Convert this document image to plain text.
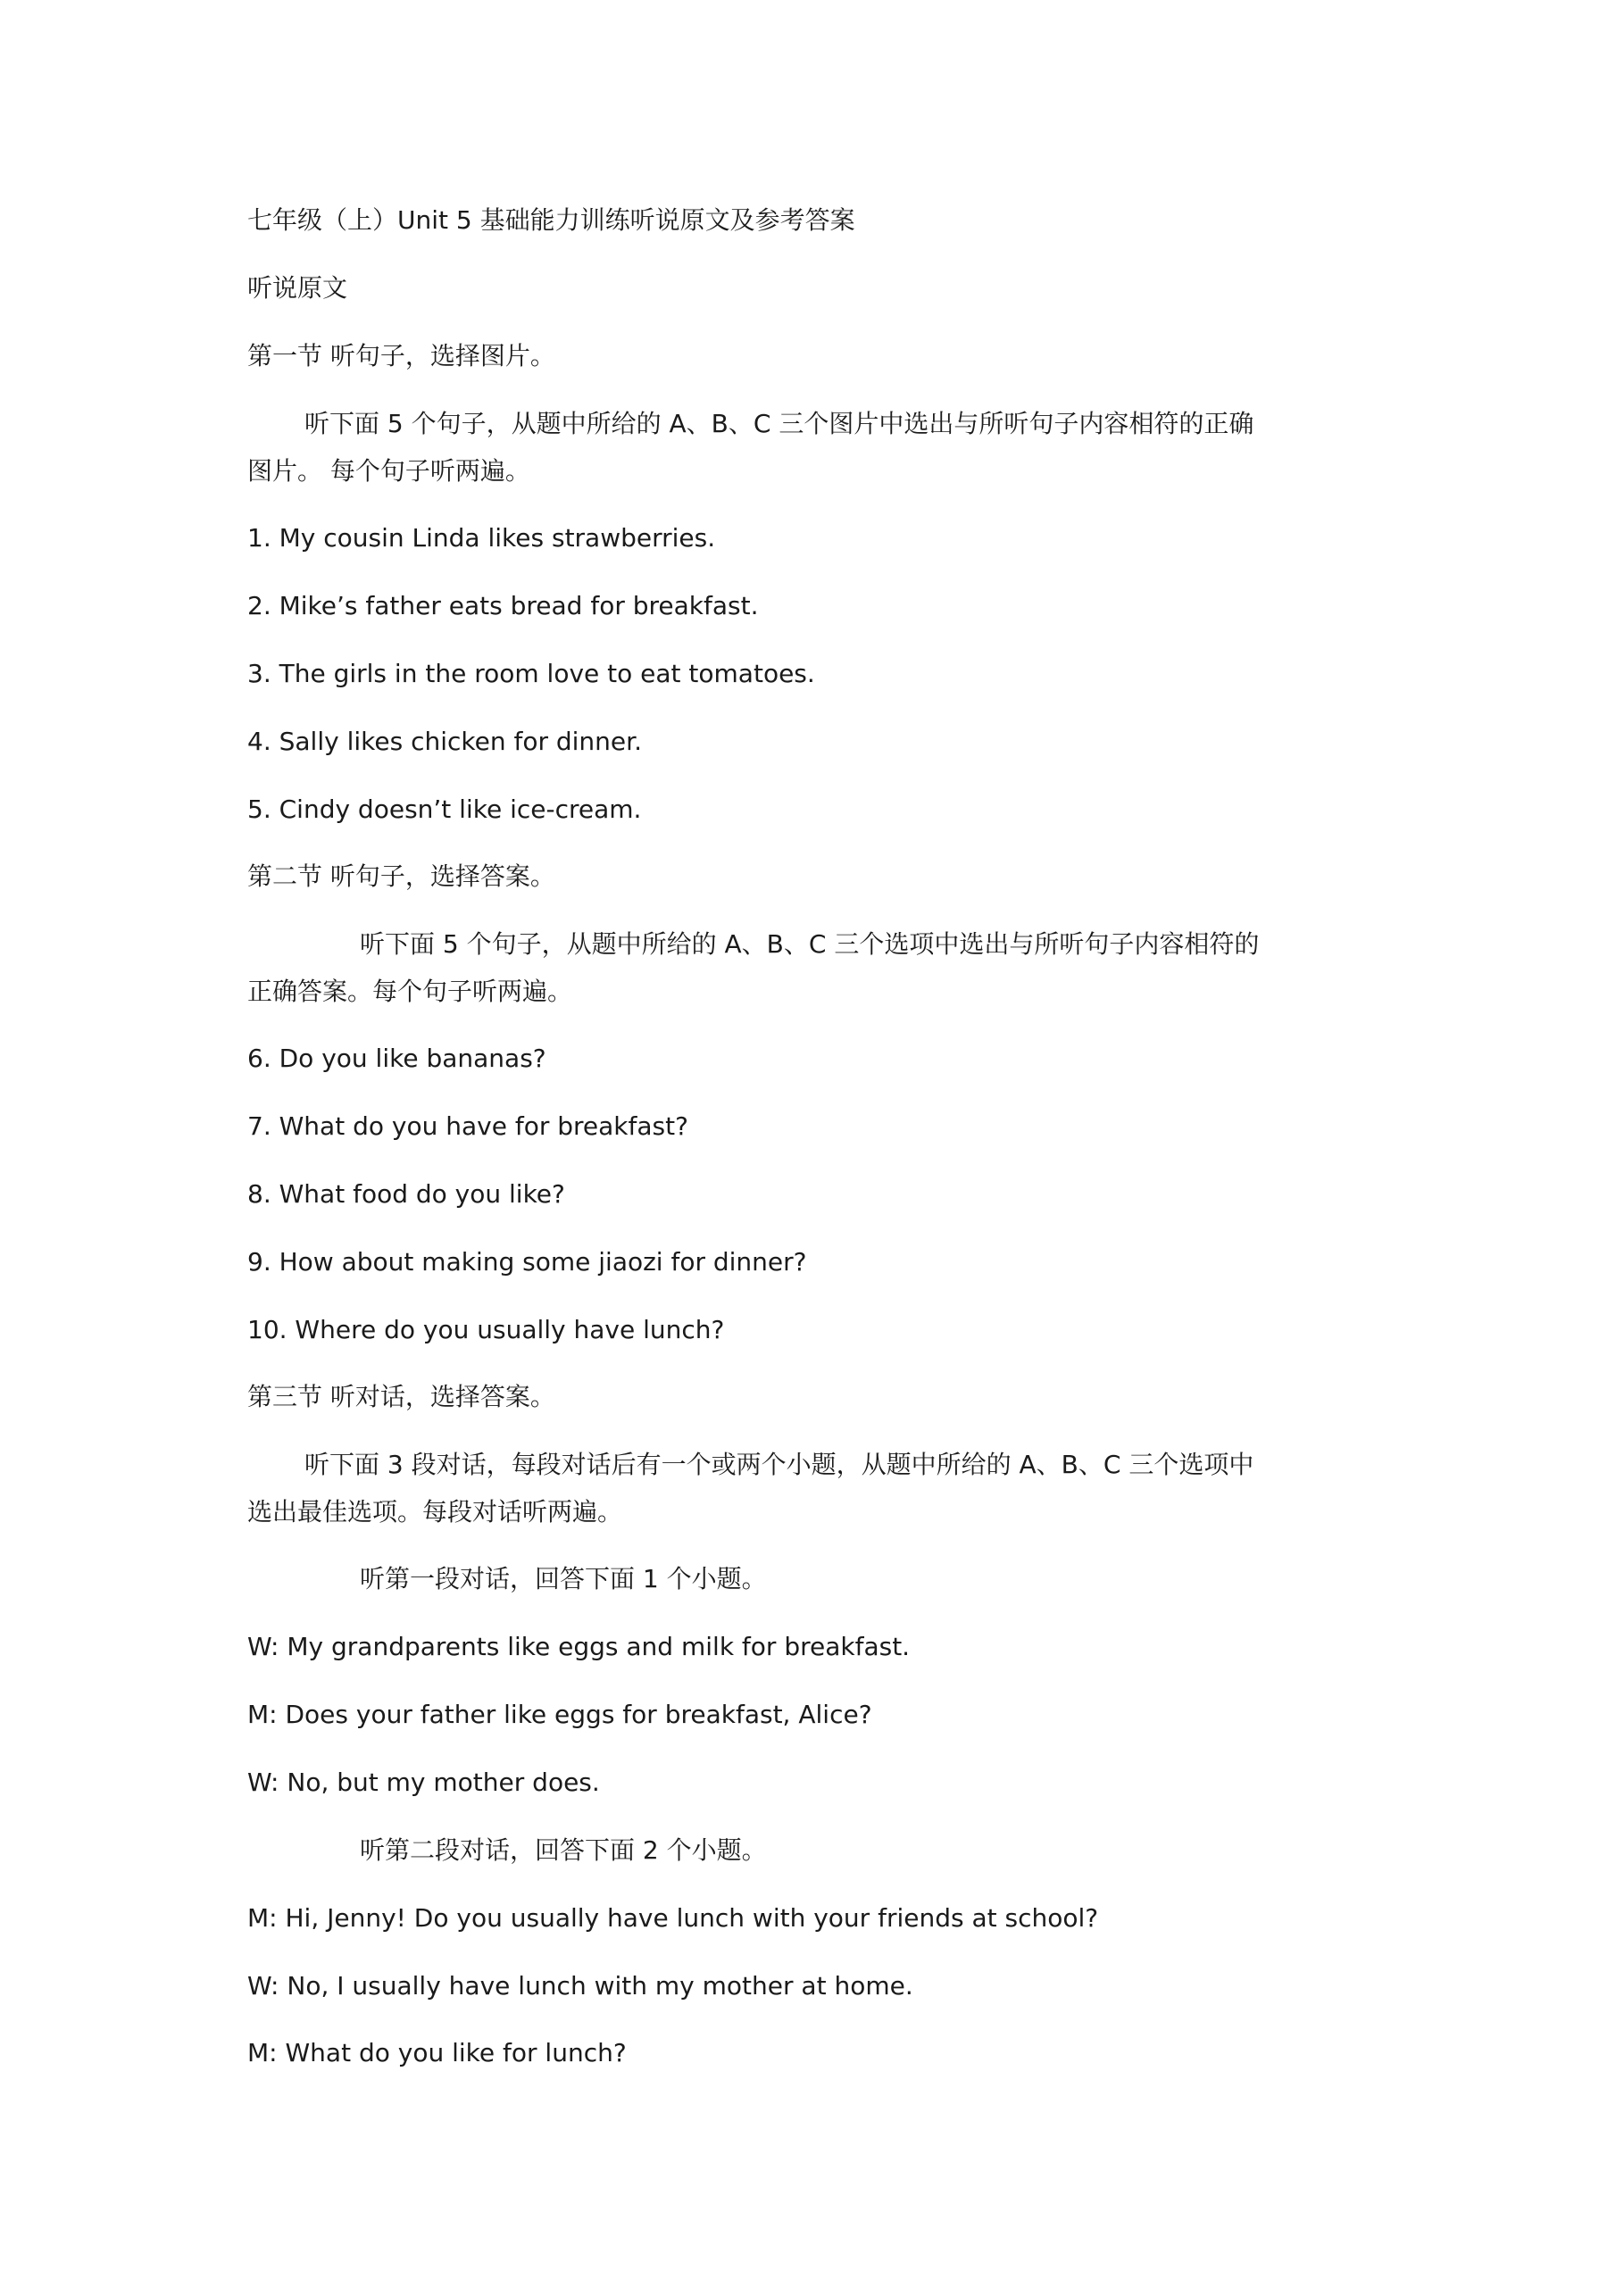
七年级（上）Unit 5 基础能力训练听说原文及参考答案
听说原文
第一节 听句子，选择图片。
听下面 5 个句子，从题中所给的 A、B、C 三个图片中选出与所听句子内容相符的正确
图片。 每个句子听两遍。
1. My cousin Linda likes strawberries.
2. Mike’s father eats bread for breakfast.
3. The girls in the room love to eat tomatoes.
4. Sally likes chicken for dinner.
5. Cindy doesn’t like ice-cream.
第二节 听句子，选择答案。
听下面 5 个句子，从题中所给的 A、B、C 三个选项中选出与所听句子内容相符的
正确答案。每个句子听两遍。
6. Do you like bananas?
7. What do you have for breakfast?
8. What food do you like?
9. How about making some jiaozi for dinner?
10. Where do you usually have lunch?
第三节 听对话，选择答案。
听下面 3 段对话，每段对话后有一个或两个小题，从题中所给的 A、B、C 三个选项中
选出最佳选项。每段对话听两遍。
听第一段对话，回答下面 1 个小题。
W: My grandparents like eggs and milk for breakfast.
M: Does your father like eggs for breakfast, Alice?
W: No, but my mother does.
听第二段对话，回答下面 2 个小题。
M: Hi, Jenny! Do you usually have lunch with your friends at school?
W: No, I usually have lunch with my mother at home.
M: What do you like for lunch?
